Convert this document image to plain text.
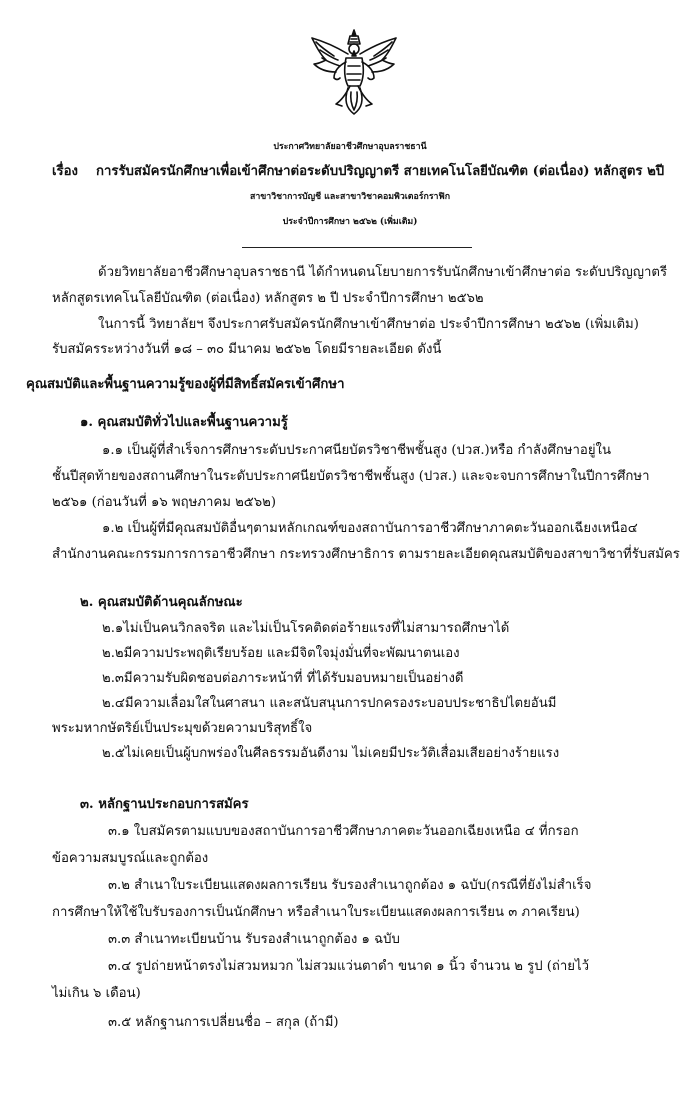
ประกาศวิทยาลัยอาชีวศึกษาอุบลราชธานี
เรื่อง การรับสมัครนักศึกษาเพื่อเข้าศึกษาต่อระดับปริญญาตรี สายเทคโนโลยีบัณฑิต (ต่อเนื่อง) หลักสูตร ๒ปี
สาขาวิชาการบัญชี และสาขาวิชาคอมพิวเตอร์กราฟิก
ประจำปีการศึกษา ๒๕๖๒ (เพิ่มเติม)
ด้วยวิทยาลัยอาชีวศึกษาอุบลราชธานี ได้กำหนดนโยบายการรับนักศึกษาเข้าศึกษาต่อ ระดับปริญญาตรี
หลักสูตรเทคโนโลยีบัณฑิต (ต่อเนื่อง) หลักสูตร ๒ ปี ประจำปีการศึกษา ๒๕๖๒
ในการนี้ วิทยาลัยฯ จึงประกาศรับสมัครนักศึกษาเข้าศึกษาต่อ ประจำปีการศึกษา ๒๕๖๒ (เพิ่มเติม)
รับสมัครระหว่างวันที่ ๑๘ – ๓๐ มีนาคม ๒๕๖๒ โดยมีรายละเอียด ดังนี้
คุณสมบัติและพื้นฐานความรู้ของผู้ที่มีสิทธิ์สมัครเข้าศึกษา
๑. คุณสมบัติทั่วไปและพื้นฐานความรู้
๑.๑ เป็นผู้ที่สำเร็จการศึกษาระดับประกาศนียบัตรวิชาชีพชั้นสูง (ปวส.)หรือ กำลังศึกษาอยู่ใน
ชั้นปีสุดท้ายของสถานศึกษาในระดับประกาศนียบัตรวิชาชีพชั้นสูง (ปวส.) และจะจบการศึกษาในปีการศึกษา
๒๕๖๑ (ก่อนวันที่ ๑๖ พฤษภาคม ๒๕๖๒)
๑.๒ เป็นผู้ที่มีคุณสมบัติอื่นๆตามหลักเกณฑ์ของสถาบันการอาชีวศึกษาภาคตะวันออกเฉียงเหนือ๔
สำนักงานคณะกรรมการการอาชีวศึกษา กระทรวงศึกษาธิการ ตามรายละเอียดคุณสมบัติของสาขาวิชาที่รับสมัคร
๒. คุณสมบัติด้านคุณลักษณะ
๒.๑ไม่เป็นคนวิกลจริต และไม่เป็นโรคติดต่อร้ายแรงที่ไม่สามารถศึกษาได้
๒.๒มีความประพฤติเรียบร้อย และมีจิตใจมุ่งมั่นที่จะพัฒนาตนเอง
๒.๓มีความรับผิดชอบต่อภาระหน้าที่ ที่ได้รับมอบหมายเป็นอย่างดี
๒.๔มีความเลื่อมใสในศาสนา และสนับสนุนการปกครองระบอบประชาธิปไตยอันมี
พระมหากษัตริย์เป็นประมุขด้วยความบริสุทธิ์ใจ
๒.๕ไม่เคยเป็นผู้บกพร่องในศีลธรรมอันดีงาม ไม่เคยมีประวัติเสื่อมเสียอย่างร้ายแรง
๓. หลักฐานประกอบการสมัคร
๓.๑ ใบสมัครตามแบบของสถาบันการอาชีวศึกษาภาคตะวันออกเฉียงเหนือ ๔ ที่กรอก
ข้อความสมบูรณ์และถูกต้อง
๓.๒ สำเนาใบระเบียนแสดงผลการเรียน รับรองสำเนาถูกต้อง ๑ ฉบับ(กรณีที่ยังไม่สำเร็จ
การศึกษาให้ใช้ใบรับรองการเป็นนักศึกษา หรือสำเนาใบระเบียนแสดงผลการเรียน ๓ ภาคเรียน)
๓.๓ สำเนาทะเบียนบ้าน รับรองสำเนาถูกต้อง ๑ ฉบับ
๓.๔ รูปถ่ายหน้าตรงไม่สวมหมวก ไม่สวมแว่นตาดำ ขนาด ๑ นิ้ว จำนวน ๒ รูป (ถ่ายไว้
ไม่เกิน ๖ เดือน)
๓.๕ หลักฐานการเปลี่ยนชื่อ – สกุล (ถ้ามี)
